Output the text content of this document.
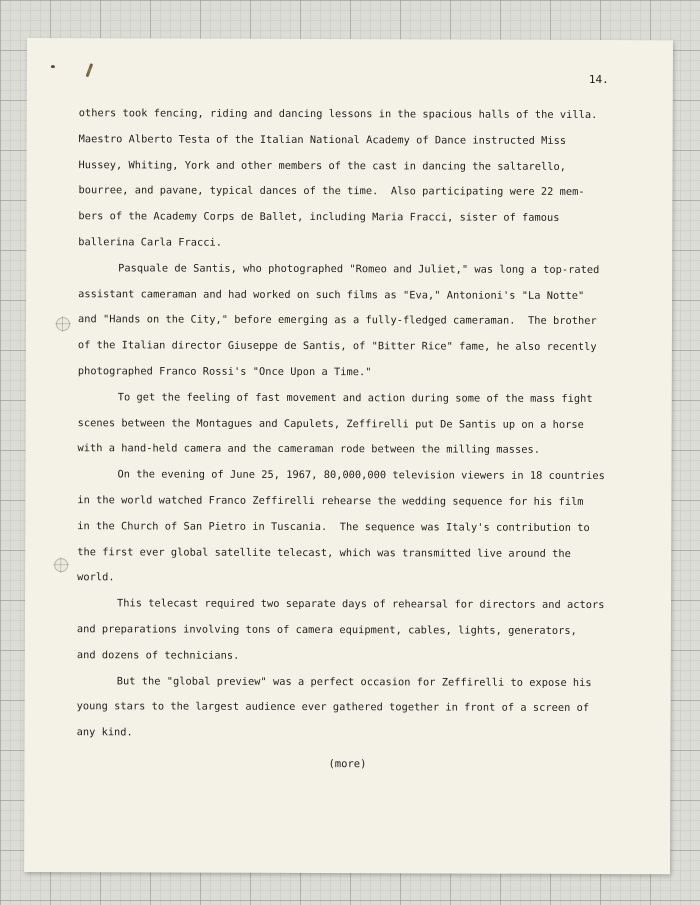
14.
others took fencing, riding and dancing lessons in the spacious halls of the villa.
Maestro Alberto Testa of the Italian National Academy of Dance instructed Miss
Hussey, Whiting, York and other members of the cast in dancing the saltarello,
bourree, and pavane, typical dances of the time.  Also participating were 22 mem-
bers of the Academy Corps de Ballet, including Maria Fracci, sister of famous
ballerina Carla Fracci.
Pasquale de Santis, who photographed "Romeo and Juliet," was long a top-rated
assistant cameraman and had worked on such films as "Eva," Antonioni's "La Notte"
and "Hands on the City," before emerging as a fully-fledged cameraman.  The brother
of the Italian director Giuseppe de Santis, of "Bitter Rice" fame, he also recently
photographed Franco Rossi's "Once Upon a Time."
To get the feeling of fast movement and action during some of the mass fight
scenes between the Montagues and Capulets, Zeffirelli put De Santis up on a horse
with a hand-held camera and the cameraman rode between the milling masses.
On the evening of June 25, 1967, 80,000,000 television viewers in 18 countries
in the world watched Franco Zeffirelli rehearse the wedding sequence for his film
in the Church of San Pietro in Tuscania.  The sequence was Italy's contribution to
the first ever global satellite telecast, which was transmitted live around the
world.
This telecast required two separate days of rehearsal for directors and actors
and preparations involving tons of camera equipment, cables, lights, generators,
and dozens of technicians.
But the "global preview" was a perfect occasion for Zeffirelli to expose his
young stars to the largest audience ever gathered together in front of a screen of
any kind.
(more)
